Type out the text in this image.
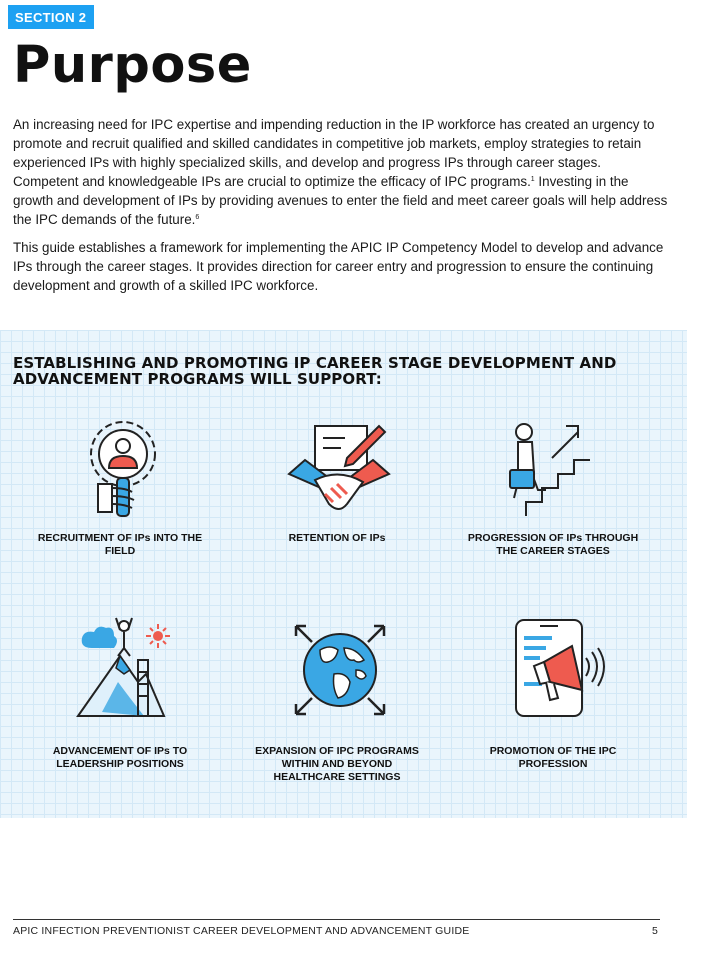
SECTION 2
Purpose

An increasing need for IPC expertise and impending reduction in the IP workforce has created an urgency to promote and recruit qualified and skilled candidates in competitive job markets, employ strategies to retain experienced IPs with highly specialized skills, and develop and progress IPs through career stages. Competent and knowledgeable IPs are crucial to optimize the efficacy of IPC programs.$^1$ Investing in the growth and development of IPs by providing avenues to enter the field and meet career goals will help address the IPC demands of the future.$^6$

This guide establishes a framework for implementing the APIC IP Competency Model to develop and advance IPs through the career stages. It provides direction for career entry and progression to ensure the continuing development and growth of a skilled IPC workforce.

ESTABLISHING AND PROMOTING IP CAREER STAGE DEVELOPMENT AND
ADVANCEMENT PROGRAMS WILL SUPPORT:
RECRUITMENT OF IPs INTO THE
FIELD
RETENTION OF IPs	PROGRESSION OF IPs THROUGH
THE CAREER STAGES
ADVANCEMENT OF IPs TO
LEADERSHIP POSITIONS
EXPANSION OF IPC PROGRAMS
WITHIN AND BEYOND
HEALTHCARE SETTINGS
PROMOTION OF THE IPC
PROFESSION
APIC INFECTION PREVENTIONIST CAREER DEVELOPMENT AND ADVANCEMENT GUIDE	5
